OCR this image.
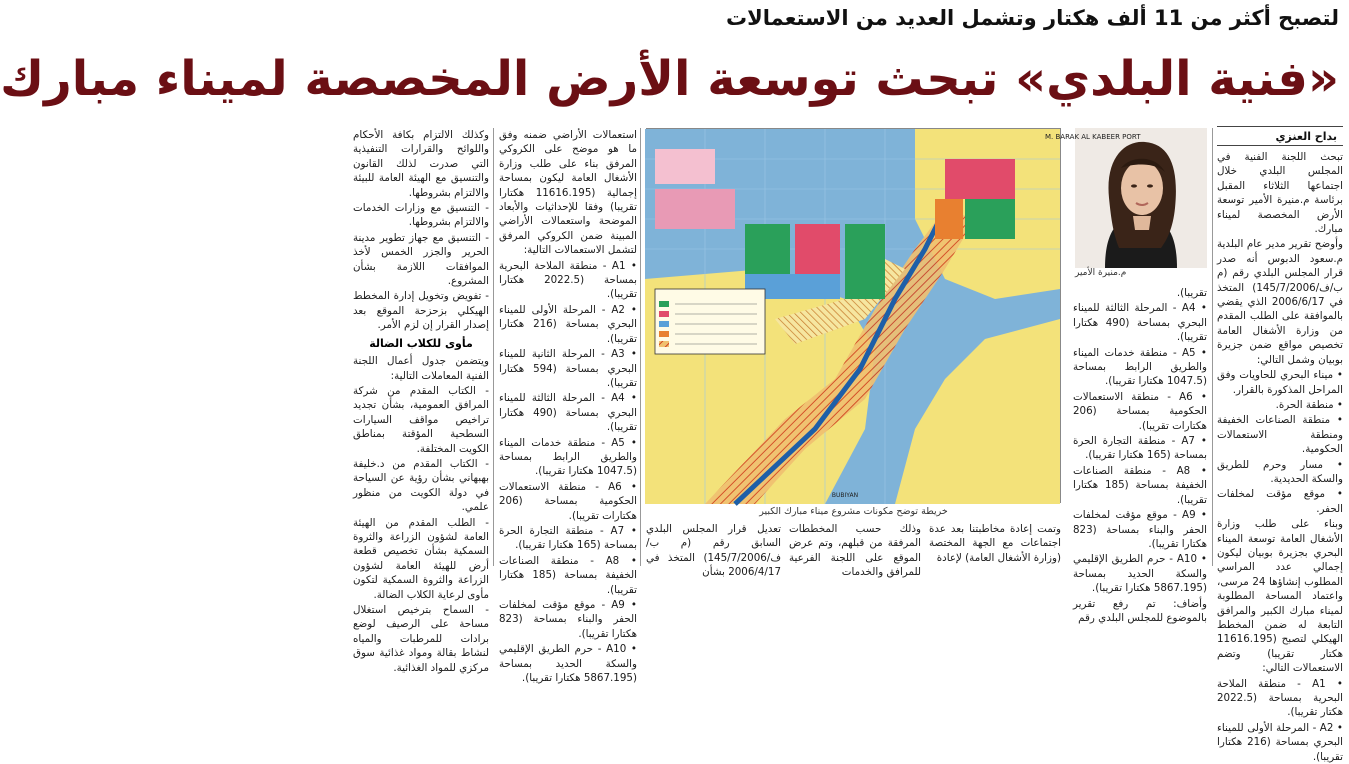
لتصبح أكثر من 11 ألف هكتار وتشمل العديد من الاستعمالات
«فنية البلدي» تبحث توسعة الأرض المخصصة لميناء مبارك
بداح العنزي

تبحث اللجنة الفنية في المجلس البلدي خلال اجتماعها الثلاثاء المقبل برئاسة م.منيرة الأمير توسعة الأرض المخصصة لميناء مبارك.

وأوضح تقرير مدير عام البلدية م.سعود الدبوس أنه صدر قرار المجلس البلدي رقم (م ب/ف/145/7/2006) المتخذ في 2006/6/17 الذي يقضي بالموافقة على الطلب المقدم من وزارة الأشغال العامة تخصيص مواقع ضمن جزيرة بوبيان وشمل التالي:

• ميناء البحري للحاويات وفق المراحل المذكورة بالقرار.

• منطقة الحرة.

• منطقة الصناعات الخفيفة ومنطقة الاستعمالات الحكومية.

• مسار وحرم للطريق والسكة الحديدية.

• موقع مؤقت لمخلفات الحفر.

وبناء على طلب وزارة الأشغال العامة توسعة الميناء البحري بجزيرة بوبيان ليكون إجمالي عدد المراسي المطلوب إنشاؤها 24 مرسى، واعتماد المساحة المطلوبة لميناء مبارك الكبير والمرافق التابعة له ضمن المخطط الهيكلي لتصبح (11616.195 هكتار تقريبا) وتضم الاستعمالات التالي:

• A1 - منطقة الملاحة البحرية بمساحة (2022.5 هكتار تقريبا).

• A2 - المرحلة الأولى للميناء البحري بمساحة (216 هكتارا تقريبا).

م.منيرة الأمير

تقريبا).

• A4 - المرحلة الثالثة للميناء البحري بمساحة (490 هكتارا تقريبا).

• A5 - منطقة خدمات الميناء والطريق الرابط بمساحة (1047.5 هكتارا تقريبا).

• A6 - منطقة الاستعمالات الحكومية بمساحة (206 هكتارات تقريبا).

• A7 - منطقة التجارة الحرة بمساحة (165 هكتارا تقريبا).

• A8 - منطقة الصناعات الخفيفة بمساحة (185 هكتارا تقريبا).

• A9 - موقع مؤقت لمخلفات الحفر والبناء بمساحة (823 هكتارا تقريبا).

• A10 - حرم الطريق الإقليمي والسكة الحديد بمساحة (5867.195 هكتارا تقريبا).

وأضاف: تم رفع تقرير بالموضوع للمجلس البلدي رقم

M. BARAK AL KABEER PORT
BUBIYAN
خريطة توضح مكونات مشروع ميناء مبارك الكبير

وتمت إعادة مخاطبتنا بعد عدة اجتماعات مع الجهة المختصة (وزارة الأشغال العامة) لإعادة

وذلك حسب المخططات المرفقة من قبلهم، وتم عرض الموقع على اللجنة الفرعية للمرافق والخدمات

تعديل قرار المجلس البلدي السابق رقم (م ب/ف/145/7/2006) المتخذ في 2006/4/17 بشأن

استعمالات الأراضي ضمنه وفق ما هو موضح على الكروكي المرفق بناء على طلب وزارة الأشغال العامة ليكون بمساحة إجمالية (11616.195 هكتارا تقريبا) وفقا للإحداثيات والأبعاد الموضحة واستعمالات الأراضي المبينة ضمن الكروكي المرفق لتشمل الاستعمالات التالية:

• A1 - منطقة الملاحة البحرية بمساحة (2022.5 هكتارا تقريبا).

• A2 - المرحلة الأولى للميناء البحري بمساحة (216 هكتارا تقريبا).

• A3 - المرحلة الثانية للميناء البحري بمساحة (594 هكتارا تقريبا).

• A4 - المرحلة الثالثة للميناء البحري بمساحة (490 هكتارا تقريبا).

• A5 - منطقة خدمات الميناء والطريق الرابط بمساحة (1047.5 هكتارا تقريبا).

• A6 - منطقة الاستعمالات الحكومية بمساحة (206 هكتارات تقريبا).

• A7 - منطقة التجارة الحرة بمساحة (165 هكتارا تقريبا).

• A8 - منطقة الصناعات الخفيفة بمساحة (185 هكتارا تقريبا).

• A9 - موقع مؤقت لمخلفات الحفر والبناء بمساحة (823 هكتارا تقريبا).

• A10 - حرم الطريق الإقليمي والسكة الحديد بمساحة (5867.195 هكتارا تقريبا).

وكذلك الالتزام بكافة الأحكام واللوائح والقرارات التنفيذية التي صدرت لذلك القانون والتنسيق مع الهيئة العامة للبيئة والالتزام بشروطها.

- التنسيق مع وزارات الخدمات والالتزام بشروطها.

- التنسيق مع جهاز تطوير مدينة الحرير والجزر الخمس لأخذ الموافقات اللازمة بشأن المشروع.

- تفويض وتخويل إدارة المخطط الهيكلي بزحزحة الموقع بعد إصدار القرار إن لزم الأمر.

مأوى للكلاب الضالة

ويتضمن جدول أعمال اللجنة الفنية المعاملات التالية:

- الكتاب المقدم من شركة المرافق العمومية، بشأن تجديد تراخيص مواقف السيارات السطحية المؤقتة بمناطق الكويت المختلفة.

- الكتاب المقدم من د.خليفة بهبهاني بشأن رؤية عن السياحة في دولة الكويت من منظور علمي.

- الطلب المقدم من الهيئة العامة لشؤون الزراعة والثروة السمكية بشأن تخصيص قطعة أرض للهيئة العامة لشؤون الزراعة والثروة السمكية لتكون مأوى لرعاية الكلاب الضالة.

- السماح بترخيص استغلال مساحة على الرصيف لوضع برادات للمرطبات والمياه لنشاط بقالة ومواد غذائية سوق مركزي للمواد الغذائية.
